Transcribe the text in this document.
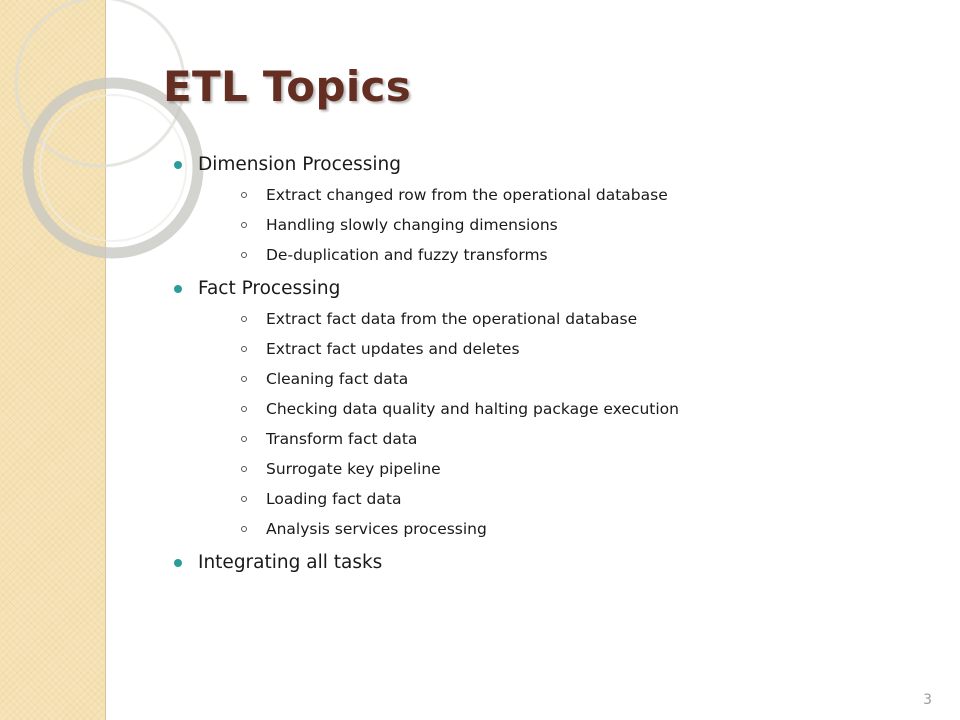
ETL Topics
Dimension Processing
Extract changed row from the operational database
Handling slowly changing dimensions
De-duplication and fuzzy transforms
Fact Processing
Extract fact data from the operational database
Extract fact updates and deletes
Cleaning fact data
Checking data quality and halting package execution
Transform fact data
Surrogate key pipeline
Loading fact data
Analysis services processing
Integrating all tasks
3
